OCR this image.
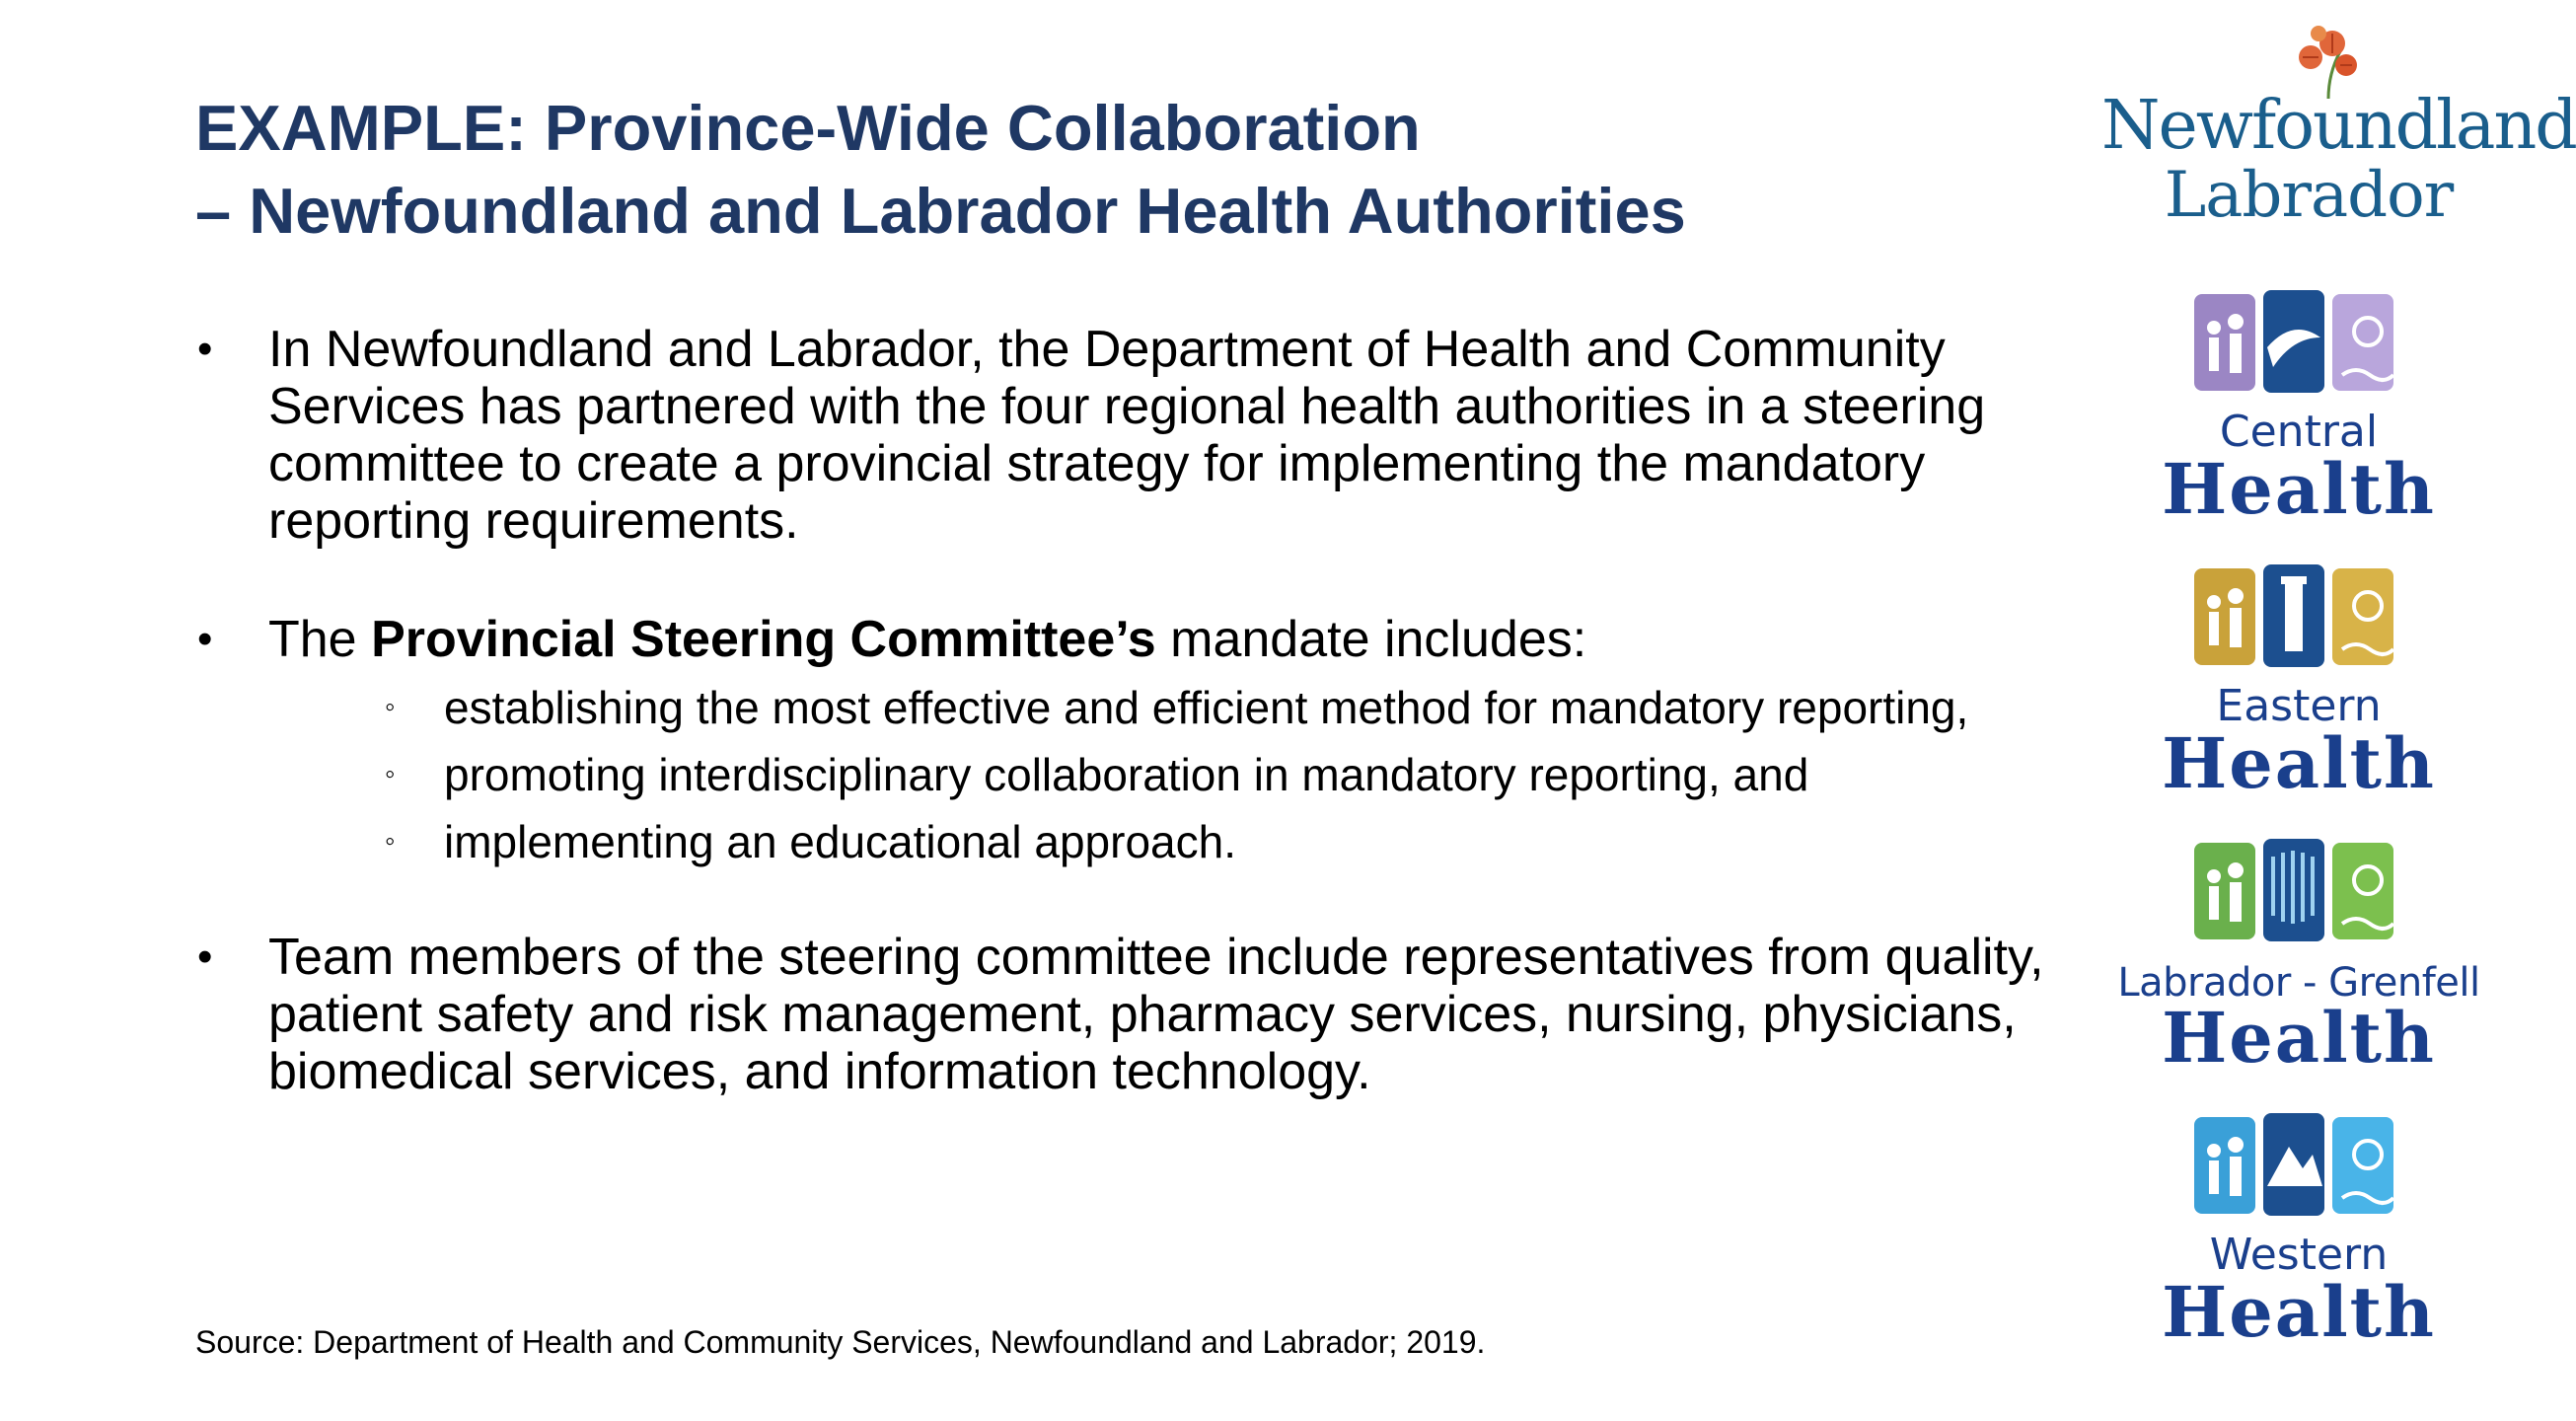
EXAMPLE: Province-Wide Collaboration
– Newfoundland and Labrador Health Authorities
•	In Newfoundland and Labrador, the Department of Health and Community Services has partnered with the four regional health authorities in a steering committee to create a provincial strategy for implementing the mandatory reporting requirements.
•	The Provincial Steering Committee’s mandate includes:
◦ establishing the most effective and efficient method for mandatory reporting,
◦ promoting interdisciplinary collaboration in mandatory reporting, and
◦ implementing an educational approach.
•	Team members of the steering committee include representatives from quality, patient safety and risk management, pharmacy services, nursing, physicians, biomedical services, and information technology.
Source: Department of Health and Community Services, Newfoundland and Labrador; 2019.
Newfoundland
Labrador
Central
Health
Eastern
Health
Labrador - Grenfell
Health
Western
Health
